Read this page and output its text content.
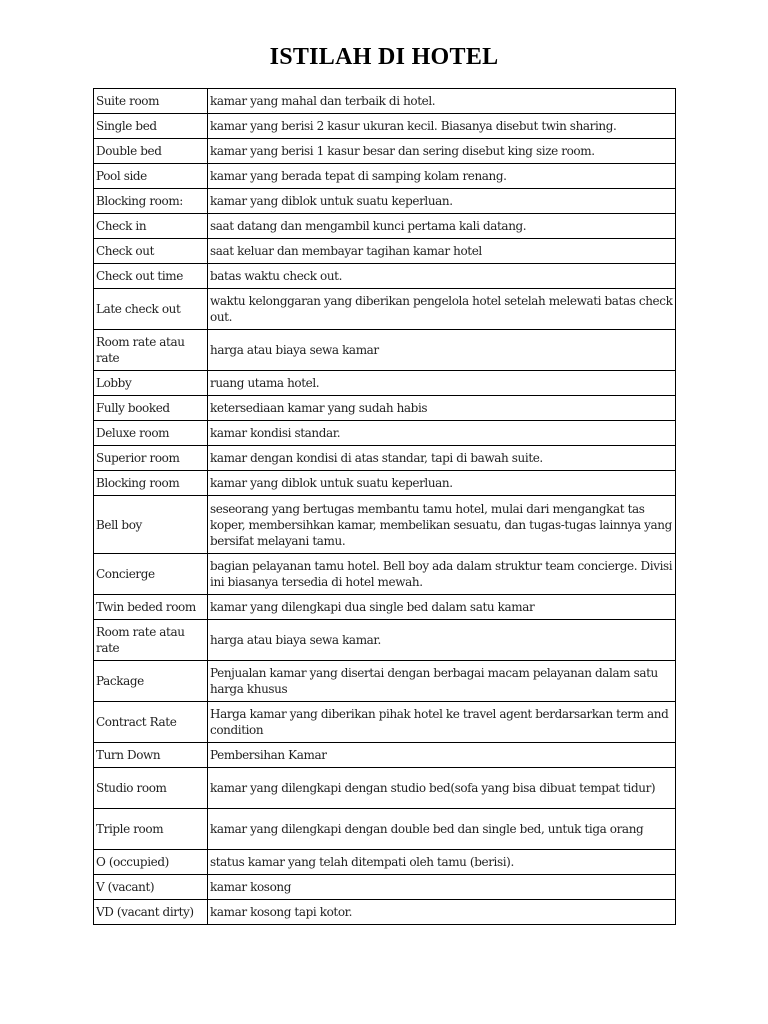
ISTILAH DI HOTEL
Suite room	kamar yang mahal dan terbaik di hotel.
Single bed	kamar yang berisi 2 kasur ukuran kecil. Biasanya disebut twin sharing.
Double bed	kamar yang berisi 1 kasur besar dan sering disebut king size room.
Pool side	kamar yang berada tepat di samping kolam renang.
Blocking room:	kamar yang diblok untuk suatu keperluan.
Check in	saat datang dan mengambil kunci pertama kali datang.
Check out	saat keluar dan membayar tagihan kamar hotel
Check out time	batas waktu check out.
Late check out	waktu kelonggaran yang diberikan pengelola hotel setelah melewati batas check out.
Room rate atau rate	harga atau biaya sewa kamar
Lobby	ruang utama hotel.
Fully booked	ketersediaan kamar yang sudah habis
Deluxe room	kamar kondisi standar.
Superior room	kamar dengan kondisi di atas standar, tapi di bawah suite.
Blocking room	kamar yang diblok untuk suatu keperluan.
Bell boy	seseorang yang bertugas membantu tamu hotel, mulai dari mengangkat tas koper, membersihkan kamar, membelikan sesuatu, dan tugas-tugas lainnya yang bersifat melayani tamu.
Concierge	bagian pelayanan tamu hotel. Bell boy ada dalam struktur team concierge. Divisi ini biasanya tersedia di hotel mewah.
Twin beded room	kamar yang dilengkapi dua single bed dalam satu kamar
Room rate atau rate	harga atau biaya sewa kamar.
Package	Penjualan kamar yang disertai dengan berbagai macam pelayanan dalam satu harga khusus
Contract Rate	Harga kamar yang diberikan pihak hotel ke travel agent berdarsarkan term and condition
Turn Down	Pembersihan Kamar
Studio room	kamar yang dilengkapi dengan studio bed(sofa yang bisa dibuat tempat tidur)
Triple room	kamar yang dilengkapi dengan double bed dan single bed, untuk tiga orang
O (occupied)	status kamar yang telah ditempati oleh tamu (berisi).
V (vacant)	kamar kosong
VD (vacant dirty)	kamar kosong tapi kotor.
